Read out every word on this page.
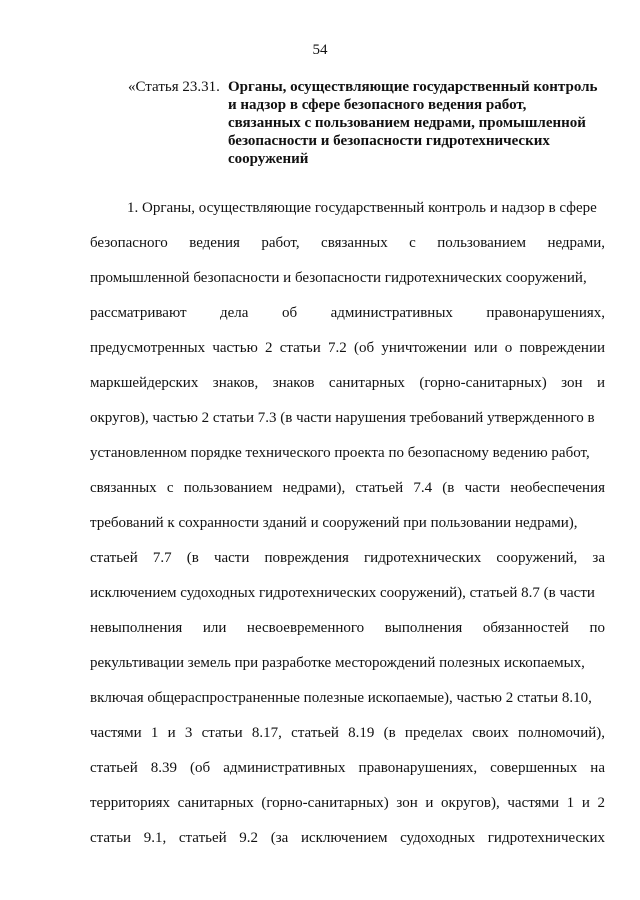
54
«Статья 23.31. Органы, осуществляющие государственный контроль
и надзор в сфере безопасного ведения работ,
связанных с пользованием недрами, промышленной
безопасности и безопасности гидротехнических
сооружений
1. Органы, осуществляющие государственный контроль и надзор в сфере
безопасного ведения работ, связанных с пользованием недрами,
промышленной безопасности и безопасности гидротехнических сооружений,
рассматривают дела об административных правонарушениях,
предусмотренных частью 2 статьи 7.2 (об уничтожении или о повреждении
маркшейдерских знаков, знаков санитарных (горно-санитарных) зон и
округов), частью 2 статьи 7.3 (в части нарушения требований утвержденного в
установленном порядке технического проекта по безопасному ведению работ,
связанных с пользованием недрами), статьей 7.4 (в части необеспечения
требований к сохранности зданий и сооружений при пользовании недрами),
статьей 7.7 (в части повреждения гидротехнических сооружений, за
исключением судоходных гидротехнических сооружений), статьей 8.7 (в части
невыполнения или несвоевременного выполнения обязанностей по
рекультивации земель при разработке месторождений полезных ископаемых,
включая общераспространенные полезные ископаемые), частью 2 статьи 8.10,
частями 1 и 3 статьи 8.17, статьей 8.19 (в пределах своих полномочий),
статьей 8.39 (об административных правонарушениях, совершенных на
территориях санитарных (горно-санитарных) зон и округов), частями 1 и 2
статьи 9.1, статьей 9.2 (за исключением судоходных гидротехнических
